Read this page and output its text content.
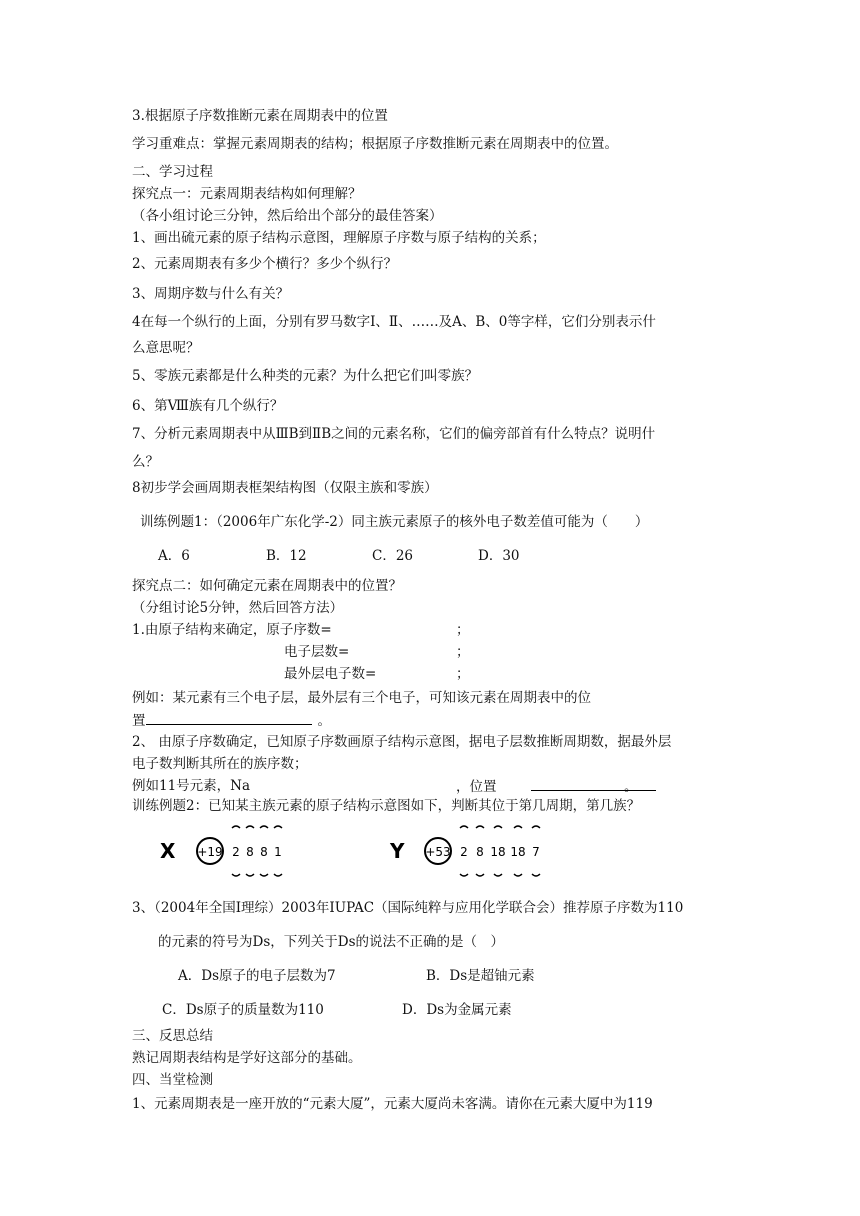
3.根据原子序数推断元素在周期表中的位置
学习重难点：掌握元素周期表的结构；根据原子序数推断元素在周期表中的位置。
二、学习过程
探究点一：元素周期表结构如何理解？
（各小组讨论三分钟，然后给出个部分的最佳答案）
1、画出硫元素的原子结构示意图，理解原子序数与原子结构的关系；
2、元素周期表有多少个横行？多少个纵行？
3、周期序数与什么有关？
4在每一个纵行的上面，分别有罗马数字Ⅰ、Ⅱ、……及A、B、0等字样，它们分别表示什
么意思呢？
5、零族元素都是什么种类的元素？为什么把它们叫零族？
6、第Ⅷ族有几个纵行？
7、分析元素周期表中从ⅢB到ⅡB之间的元素名称，它们的偏旁部首有什么特点？说明什
么？
8初步学会画周期表框架结构图（仅限主族和零族）
训练例题1：（2006年广东化学-2）同主族元素原子的核外电子数差值可能为（　　）
A．6	B．12	C．26	D．30
探究点二：如何确定元素在周期表中的位置？
（分组讨论5分钟，然后回答方法）
1.由原子结构来确定，原子序数=	；
电子层数=	；
最外层电子数=	；
例如：某元素有三个电子层，最外层有三个电子，可知该元素在周期表中的位
置	。
2、 由原子序数确定，已知原子序数画原子结构示意图，据电子层数推断周期数，据最外层
电子数判断其所在的族序数；
例如11号元素，Na	，位置	。
训练例题2：已知某主族元素的原子结构示意图如下，判断其位于第几周期，第几族？
X +19 2 8 8 1	Y +53 2 8 18 18 7
3、（2004年全国Ⅰ理综）2003年IUPAC（国际纯粹与应用化学联合会）推荐原子序数为110
的元素的符号为Ds，下列关于Ds的说法不正确的是（　）
A．Ds原子的电子层数为7	B．Ds是超铀元素
C．Ds原子的质量数为110	D．Ds为金属元素
三、反思总结
熟记周期表结构是学好这部分的基础。
四、当堂检测
1、元素周期表是一座开放的“元素大厦”，元素大厦尚未客满。请你在元素大厦中为119
